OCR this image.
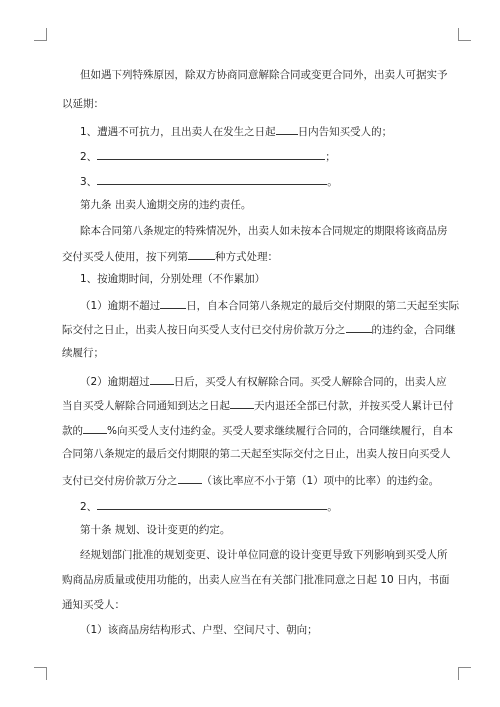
但如遇下列特殊原因，除双方协商同意解除合同或变更合同外，出卖人可据实予
以延期：
1、遭遇不可抗力，且出卖人在发生之日起 日内告知买受人的；
2、	；
3、	。
第九条 出卖人逾期交房的违约责任。
除本合同第八条规定的特殊情况外，出卖人如未按本合同规定的期限将该商品房
交付买受人使用，按下列第	种方式处理：
1、按逾期时间，分别处理（不作累加）
（1）逾期不超过 日，自本合同第八条规定的最后交付期限的第二天起至实际
际交付之日止，出卖人按日向买受人支付已交付房价款万分之 的违约金，合同继
续履行；
（2）逾期超过 日后，买受人有权解除合同。买受人解除合同的，出卖人应
当自买受人解除合同通知到达之日起 天内退还全部已付款，并按买受人累计已付
款的 %向买受人支付违约金。买受人要求继续履行合同的，合同继续履行，自本
合同第八条规定的最后交付期限的第二天起至实际交付之日止，出卖人按日向买受人
支付已交付房价款万分之 （该比率应不小于第（1）项中的比率）的违约金。
2、	。
第十条 规划、设计变更的约定。
经规划部门批准的规划变更、设计单位同意的设计变更导致下列影响到买受人所
购商品房质量或使用功能的，出卖人应当在有关部门批准同意之日起 10 日内，书面
通知买受人：
（1）该商品房结构形式、户型、空间尺寸、朝向；
